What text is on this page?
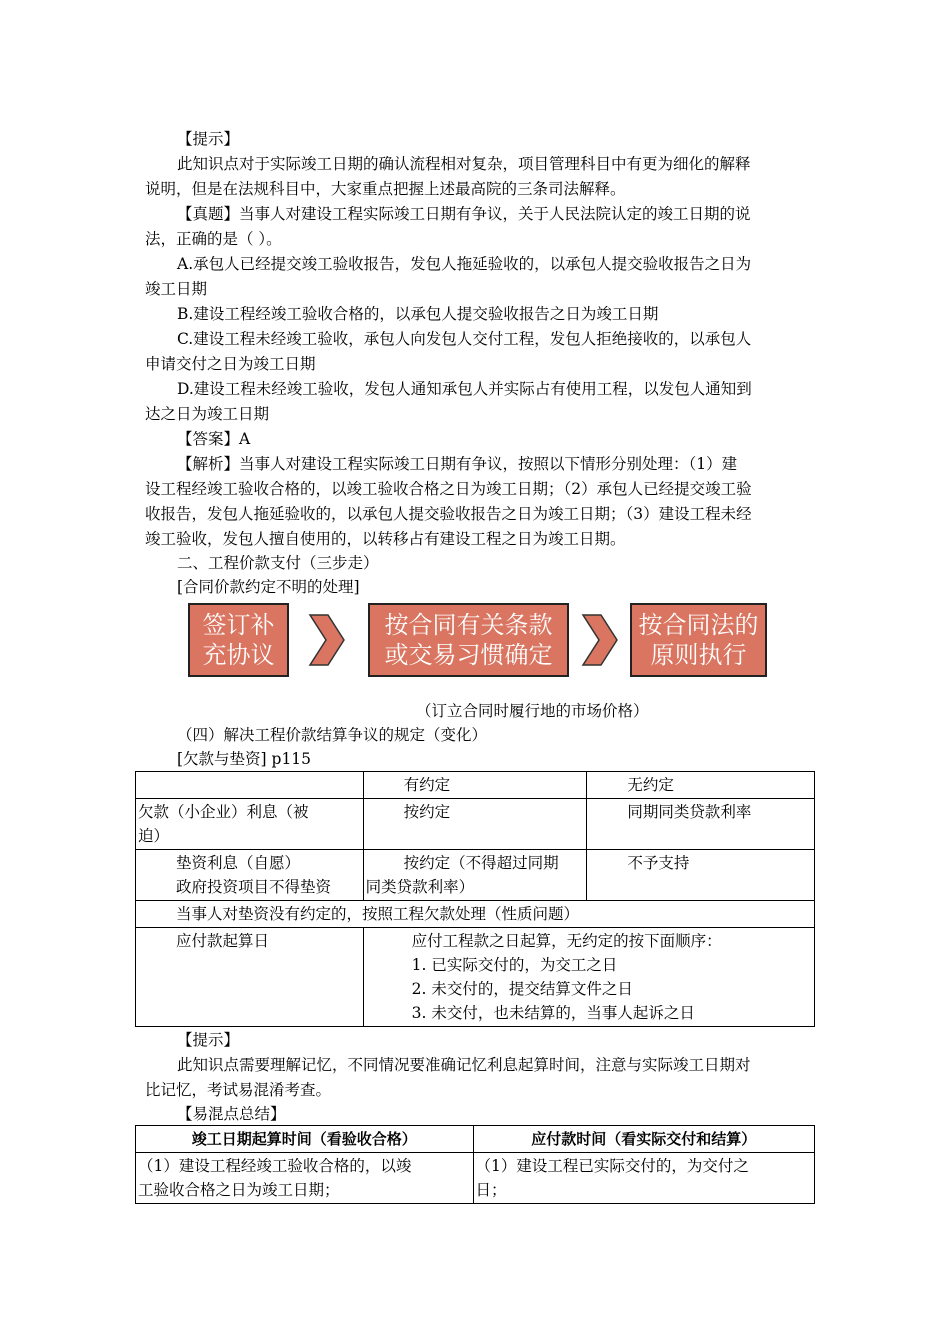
【提示】
此知识点对于实际竣工日期的确认流程相对复杂，项目管理科目中有更为细化的解释
说明，但是在法规科目中，大家重点把握上述最高院的三条司法解释。
【真题】当事人对建设工程实际竣工日期有争议，关于人民法院认定的竣工日期的说
法，正确的是（ ）。
A.承包人已经提交竣工验收报告，发包人拖延验收的，以承包人提交验收报告之日为
竣工日期
B.建设工程经竣工验收合格的，以承包人提交验收报告之日为竣工日期
C.建设工程未经竣工验收，承包人向发包人交付工程，发包人拒绝接收的，以承包人
申请交付之日为竣工日期
D.建设工程未经竣工验收，发包人通知承包人并实际占有使用工程，以发包人通知到
达之日为竣工日期
【答案】A
【解析】当事人对建设工程实际竣工日期有争议，按照以下情形分别处理：（1）建
设工程经竣工验收合格的，以竣工验收合格之日为竣工日期；（2）承包人已经提交竣工验
收报告，发包人拖延验收的，以承包人提交验收报告之日为竣工日期；（3）建设工程未经
竣工验收，发包人擅自使用的，以转移占有建设工程之日为竣工日期。
二、工程价款支付（三步走）
[合同价款约定不明的处理]
签订补
充协议
按合同有关条款
或交易习惯确定
按合同法的
原则执行
（订立合同时履行地的市场价格）
（四）解决工程价款结算争议的规定（变化）
[欠款与垫资] p115
	有约定	无约定
欠款（小企业）利息（被
迫）	按约定	同期同类贷款利率
垫资利息（自愿）
政府投资项目不得垫资	按约定（不得超过同期
同类贷款利率）	不予支持
当事人对垫资没有约定的，按照工程欠款处理（性质问题）		
应付款起算日	应付工程款之日起算，无约定的按下面顺序：
1. 已实际交付的，为交工之日
2. 未交付的，提交结算文件之日
3. 未交付，也未结算的，当事人起诉之日	
【提示】
此知识点需要理解记忆，不同情况要准确记忆利息起算时间，注意与实际竣工日期对
比记忆，考试易混淆考查。
【易混点总结】
竣工日期起算时间（看验收合格）	应付款时间（看实际交付和结算）
（1）建设工程经竣工验收合格的，以竣
工验收合格之日为竣工日期；	（1）建设工程已实际交付的，为交付之
日；
